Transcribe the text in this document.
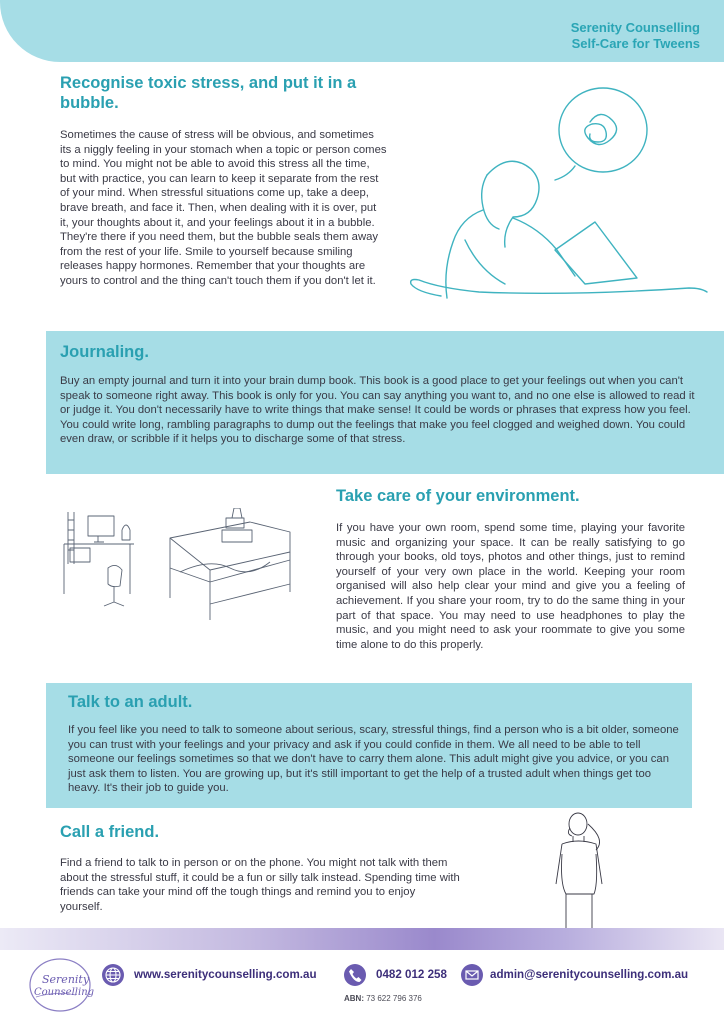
Serenity Counselling
Self-Care for Tweens
Recognise toxic stress, and put it in a bubble.

Sometimes the cause of stress will be obvious, and sometimes its a niggly feeling in your stomach when a topic or person comes to mind. You might not be able to avoid this stress all the time, but with practice, you can learn to keep it separate from the rest of your mind. When stressful situations come up, take a deep, brave breath, and face it. Then, when dealing with it is over, put it, your thoughts about it, and your feelings about it in a bubble. They're there if you need them, but the bubble seals them away from the rest of your life. Smile to yourself because smiling releases happy hormones. Remember that your thoughts are yours to control and the thing can't touch them if you don't let it.

Journaling.

Buy an empty journal and turn it into your brain dump book. This book is a good place to get your feelings out when you can't speak to someone right away. This book is only for you. You can say anything you want to, and no one else is allowed to read it or judge it. You don't necessarily have to write things that make sense! It could be words or phrases that express how you feel. You could write long, rambling paragraphs to dump out the feelings that make you feel clogged and weighed down. You could even draw, or scribble if it helps you to discharge some of that stress.

Take care of your environment.

If you have your own room, spend some time, playing your favorite music and organizing your space. It can be really satisfying to go through your books, old toys, photos and other things, just to remind yourself of your very own place in the world. Keeping your room organised will also help clear your mind and give you a feeling of achievement. If you share your room, try to do the same thing in your part of that space. You may need to use headphones to play the music, and you might need to ask your roommate to give you some time alone to do this properly.

Talk to an adult.

If you feel like you need to talk to someone about serious, scary, stressful things, find a person who is a bit older, someone you can trust with your feelings and your privacy and ask if you could confide in them. We all need to be able to tell someone our feelings sometimes so that we don't have to carry them alone. This adult might give you advice, or you can just ask them to listen. You are growing up, but it's still important to get the help of a trusted adult when things get too heavy. It's their job to guide you.

Call a friend.

Find a friend to talk to in person or on the phone. You might not talk with them about the stressful stuff, it could be a fun or silly talk instead. Spending time with friends can take your mind off the tough things and remind you to enjoy yourself.

Serenity
Counselling
www.serenitycounselling.com.au	0482 012 258
ABN: 73 622 796 376
admin@serenitycounselling.com.au
